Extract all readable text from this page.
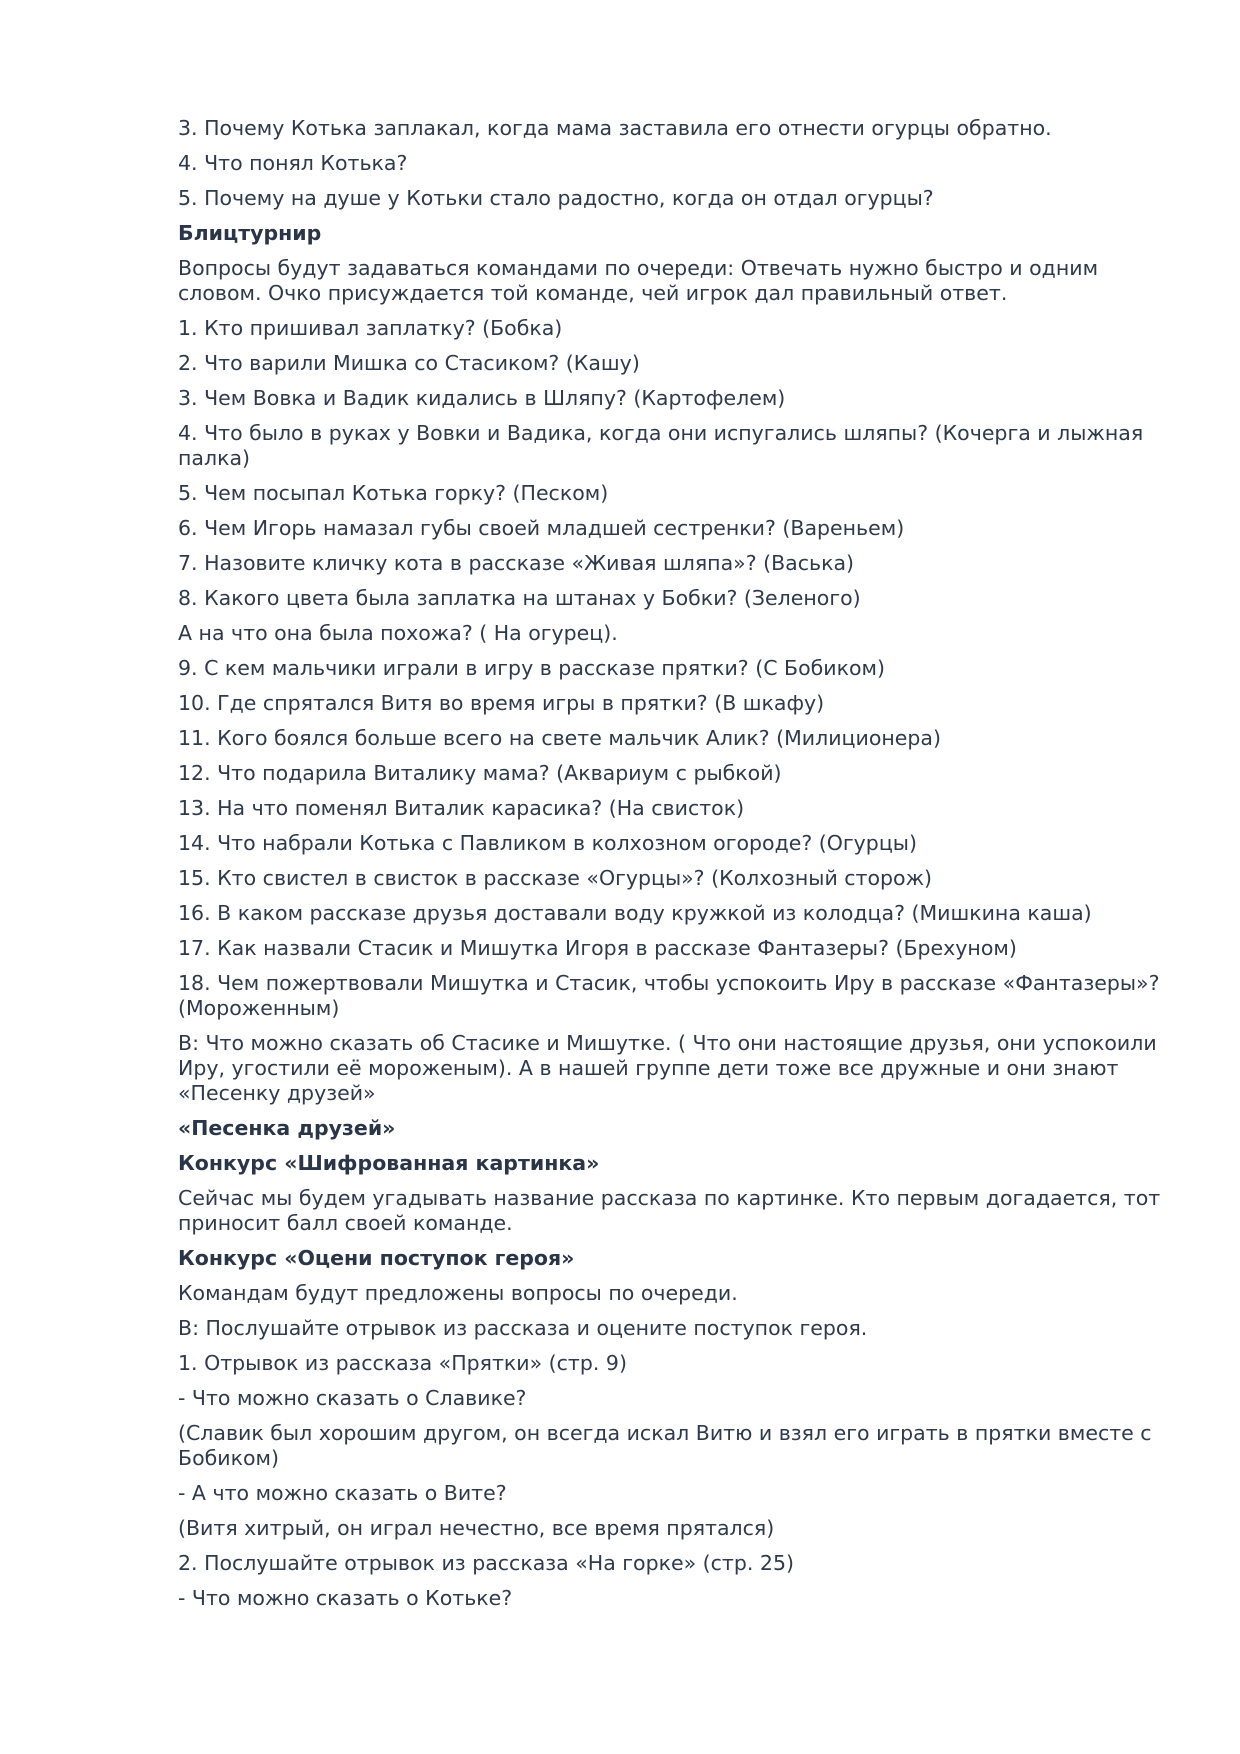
3. Почему Котька заплакал, когда мама заставила его отнести огурцы обратно.
4. Что понял Котька?
5. Почему на душе у Котьки стало радостно, когда он отдал огурцы?
Блицтурнир
Вопросы будут задаваться командами по очереди: Отвечать нужно быстро и одним словом. Очко присуждается той команде, чей игрок дал правильный ответ.
1. Кто пришивал заплатку? (Бобка)
2. Что варили Мишка со Стасиком? (Кашу)
3. Чем Вовка и Вадик кидались в Шляпу? (Картофелем)
4. Что было в руках у Вовки и Вадика, когда они испугались шляпы? (Кочерга и лыжная палка)
5. Чем посыпал Котька горку? (Песком)
6. Чем Игорь намазал губы своей младшей сестренки? (Вареньем)
7. Назовите кличку кота в рассказе «Живая шляпа»? (Васька)
8. Какого цвета была заплатка на штанах у Бобки? (Зеленого)
А на что она была похожа? ( На огурец).
9. С кем мальчики играли в игру в рассказе прятки? (С Бобиком)
10. Где спрятался Витя во время игры в прятки? (В шкафу)
11. Кого боялся больше всего на свете мальчик Алик? (Милиционера)
12. Что подарила Виталику мама? (Аквариум с рыбкой)
13. На что поменял Виталик карасика? (На свисток)
14. Что набрали Котька с Павликом в колхозном огороде? (Огурцы)
15. Кто свистел в свисток в рассказе «Огурцы»? (Колхозный сторож)
16. В каком рассказе друзья доставали воду кружкой из колодца? (Мишкина каша)
17. Как назвали Стасик и Мишутка Игоря в рассказе Фантазеры? (Брехуном)
18. Чем пожертвовали Мишутка и Стасик, чтобы успокоить Иру в рассказе «Фантазеры»? (Мороженным)
В: Что можно сказать об Стасике и Мишутке. ( Что они настоящие друзья, они успокоили Иру, угостили её мороженым). А в нашей группе дети тоже все дружные и они знают «Песенку друзей»
«Песенка друзей»
Конкурс «Шифрованная картинка»
Сейчас мы будем угадывать название рассказа по картинке. Кто первым догадается, тот приносит балл своей команде.
Конкурс «Оцени поступок героя»
Командам будут предложены вопросы по очереди.
В: Послушайте отрывок из рассказа и оцените поступок героя.
1. Отрывок из рассказа «Прятки» (стр. 9)
- Что можно сказать о Славике?
(Славик был хорошим другом, он всегда искал Витю и взял его играть в прятки вместе с Бобиком)
- А что можно сказать о Вите?
(Витя хитрый, он играл нечестно, все время прятался)
2. Послушайте отрывок из рассказа «На горке» (стр. 25)
- Что можно сказать о Котьке?
